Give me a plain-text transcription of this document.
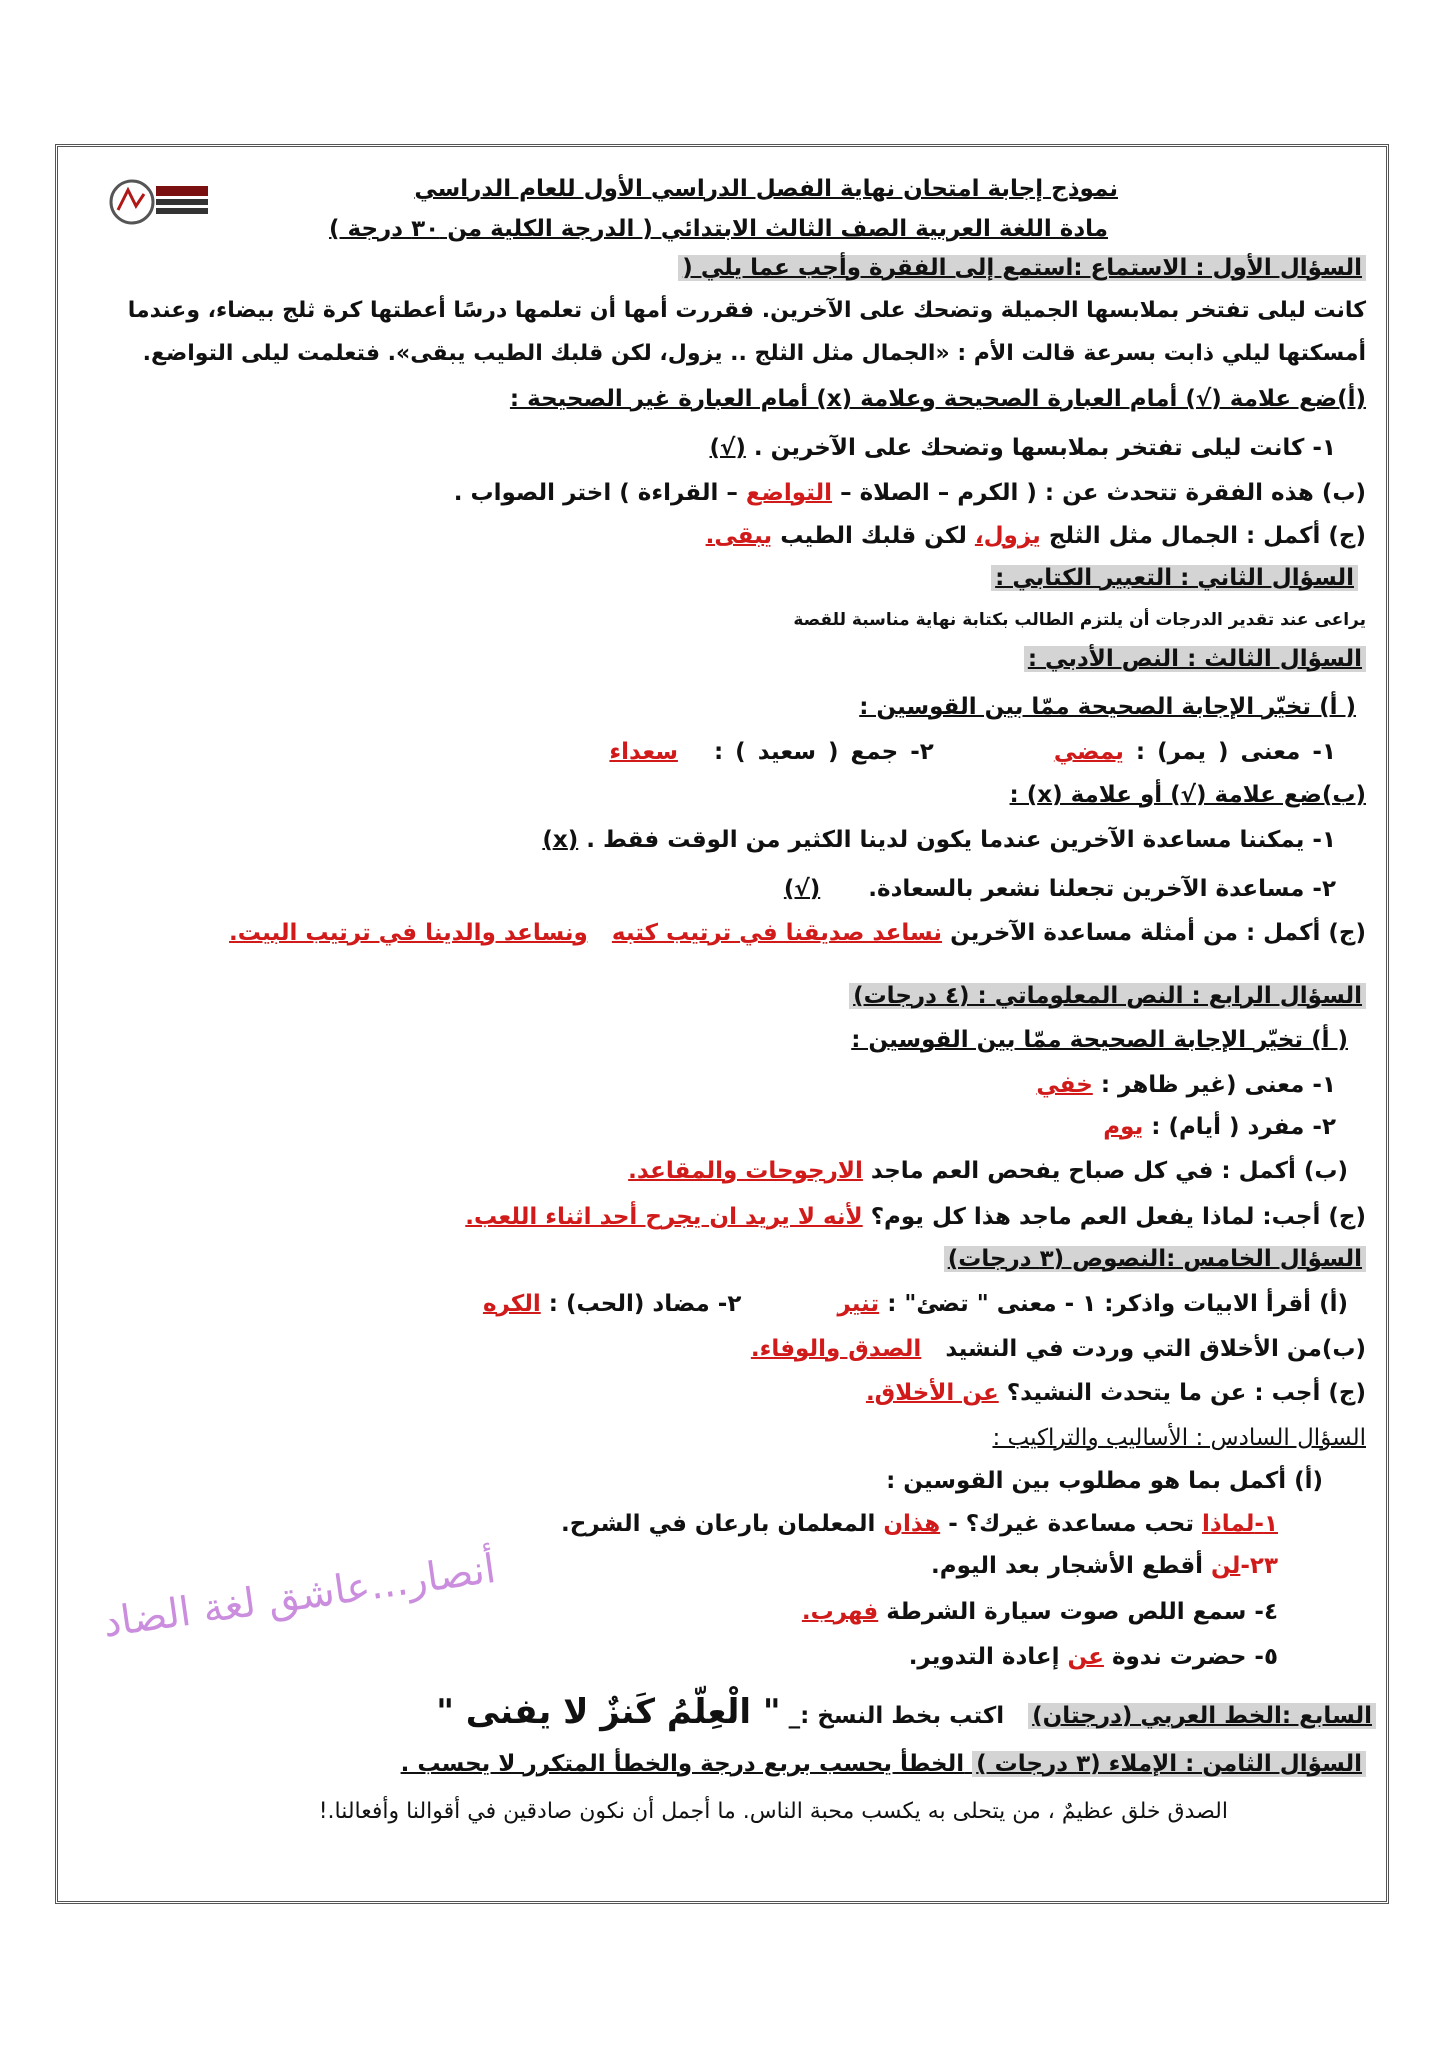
نموذج إجابة امتحان نهاية الفصل الدراسي الأول للعام الدراسي
مادة اللغة العربية الصف الثالث الابتدائي ( الدرجة الكلية من ٣٠ درجة )
السؤال الأول : الاستماع :استمع إلى الفقرة وأجب عما يلي (
كانت ليلى تفتخر بملابسها الجميلة وتضحك على الآخرين. فقررت أمها أن تعلمها درسًا أعطتها كرة ثلج بيضاء، وعندما
أمسكتها ليلي ذابت بسرعة قالت الأم : «الجمال مثل الثلج .. يزول، لكن قلبك الطيب يبقى». فتعلمت ليلى التواضع.
(أ)ضع علامة (√) أمام العبارة الصحيحة وعلامة (x) أمام العبارة غير الصحيحة :
١- كانت ليلى تفتخر بملابسها وتضحك على الآخرين . (√)
(ب) هذه الفقرة تتحدث عن : ( الكرم – الصلاة – التواضع – القراءة ) اختر الصواب .
(ج) أكمل : الجمال مثل الثلج يزول، لكن قلبك الطيب يبقى.
السؤال الثاني : التعبير الكتابي :
يراعى عند تقدير الدرجات أن يلتزم الطالب بكتابة نهاية مناسبة للقصة
السؤال الثالث : النص الأدبي :
( أ) تخيّر الإجابة الصحيحة ممّا بين القوسين :
١- معنى ( يمر) : يمضي          ٢- جمع ( سعيد ) :   سعداء
(ب)ضع علامة (√) أو علامة (x) :
١- يمكننا مساعدة الآخرين عندما يكون لدينا الكثير من الوقت فقط . (x)
٢- مساعدة الآخرين تجعلنا نشعر بالسعادة.      (√)
(ج) أكمل : من أمثلة مساعدة الآخرين نساعد صديقنا في ترتيب كتبه   ونساعد والدينا في ترتيب البيت.
السؤال الرابع : النص المعلوماتي : (٤ درجات)
( أ) تخيّر الإجابة الصحيحة ممّا بين القوسين :
١- معنى (غير ظاهر : خفي
٢- مفرد ( أيام) : يوم
(ب) أكمل : في كل صباح يفحص العم ماجد الارجوحات والمقاعد.
(ج) أجب: لماذا يفعل العم ماجد هذا كل يوم؟ لأنه لا يريد ان يجرح أحد اثناء اللعب.
السؤال الخامس :النصوص (٣ درجات)
(أ) أقرأ الابيات واذكر: ١ - معنى " تضئ" : تنير            ٢- مضاد (الحب) : الكره
(ب)من الأخلاق التي وردت في النشيد   الصدق والوفاء.
(ج) أجب : عن ما يتحدث النشيد؟ عن الأخلاق.
السؤال السادس : الأساليب والتراكيب :
(أ) أكمل بما هو مطلوب بين القوسين :
١-لماذا تحب مساعدة غيرك؟ - هذان المعلمان بارعان في الشرح.
٢٣-لن أقطع الأشجار بعد اليوم.
٤- سمع اللص صوت سيارة الشرطة فهرب.
٥- حضرت ندوة عن إعادة التدوير.
السابع :الخط العربي (درجتان)   اكتب بخط النسخ :_ " الْعِلّمُ كَنزٌ لا يفنى "
السؤال الثامن : الإملاء (٣ درجات ) الخطأ يحسب بربع درجة والخطأ المتكرر لا يحسب .
الصدق خلق عظيمٌ ، من يتحلى به يكسب محبة الناس. ما أجمل أن نكون صادقين في أقوالنا وأفعالنا.!
أنصار...عاشق لغة الضاد
